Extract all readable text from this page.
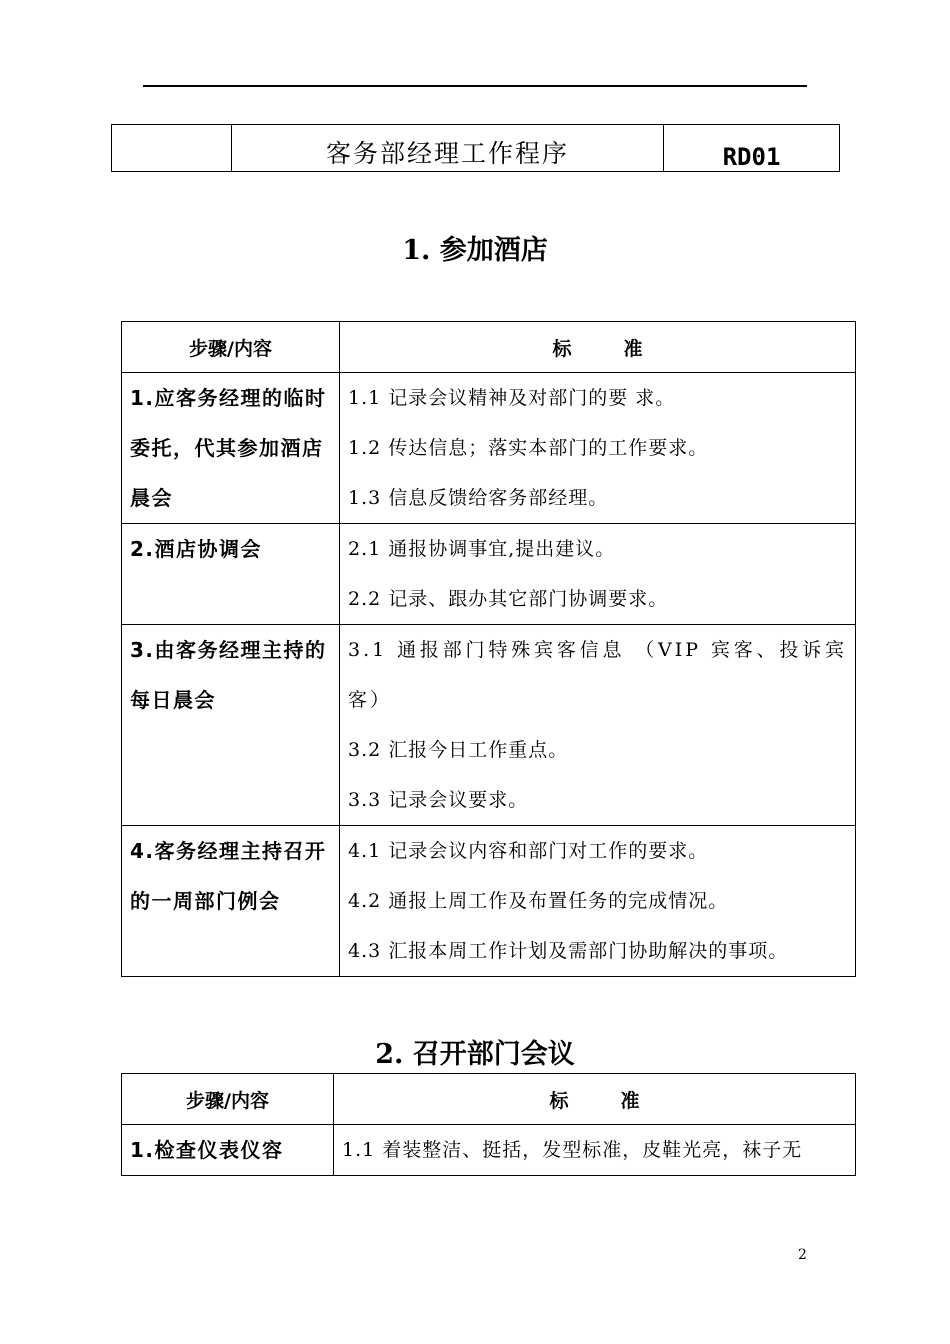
	客务部经理工作程序	RD01
1. 参加酒店
步骤/内容	标 准

1.应客务经理的临时委托，代其参加酒店晨会	1.1 记录会议精神及对部门的要 求。
1.2 传达信息；落实本部门的工作要求。
1.3 信息反馈给客务部经理。

2.酒店协调会	2.1 通报协调事宜,提出建议。
2.2 记录、跟办其它部门协调要求。

3.由客务经理主持的每日晨会	3.1 通报部门特殊宾客信息 （VIP 宾客、投诉宾客）
3.2 汇报今日工作重点。
3.3 记录会议要求。

4.客务经理主持召开的一周部门例会	4.1 记录会议内容和部门对工作的要求。
4.2 通报上周工作及布置任务的完成情况。
4.3 汇报本周工作计划及需部门协助解决的事项。
2. 召开部门会议
步骤/内容	标 准

1.检查仪表仪容	1.1 着装整洁、挺括，发型标准，皮鞋光亮，袜子无
2
